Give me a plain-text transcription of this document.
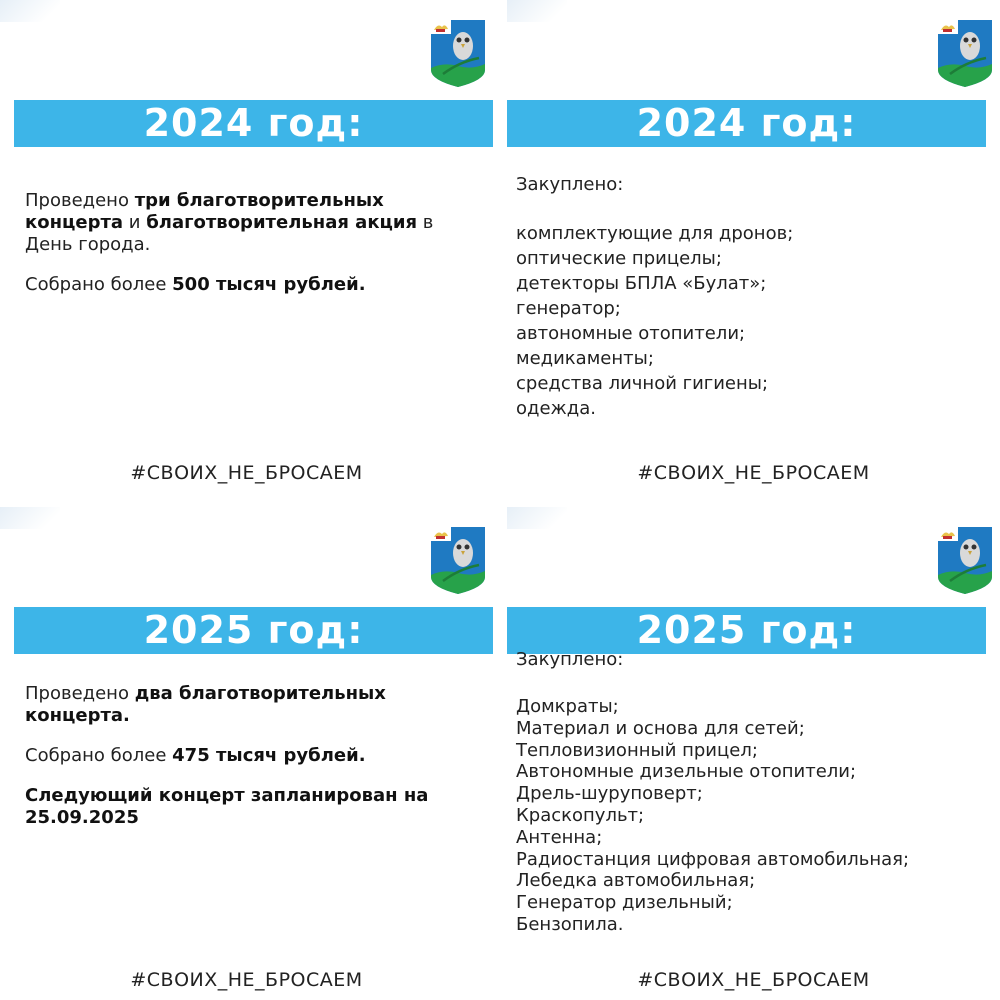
2024 год:

Проведено три благотворительных концерта и благотворительная акция в День города.

Собрано более 500 тысяч рублей.

#СВОИХ_НЕ_БРОСАЕМ
2024 год:

Закуплено:

комплектующие для дронов;
оптические прицелы;
детекторы БПЛА «Булат»;
генератор;
автономные отопители;
медикаменты;
средства личной гигиены;
одежда.
#СВОИХ_НЕ_БРОСАЕМ
2025 год:

Проведено два благотворительных концерта.

Собрано более 475 тысяч рублей.

Следующий концерт запланирован на 25.09.2025

#СВОИХ_НЕ_БРОСАЕМ
2025 год:

Закуплено:

Домкраты;
Материал и основа для сетей;
Тепловизионный прицел;
Автономные дизельные отопители;
Дрель-шуруповерт;
Краскопульт;
Антенна;
Радиостанция цифровая автомобильная;
Лебедка автомобильная;
Генератор дизельный;
Бензопила.
#СВОИХ_НЕ_БРОСАЕМ
